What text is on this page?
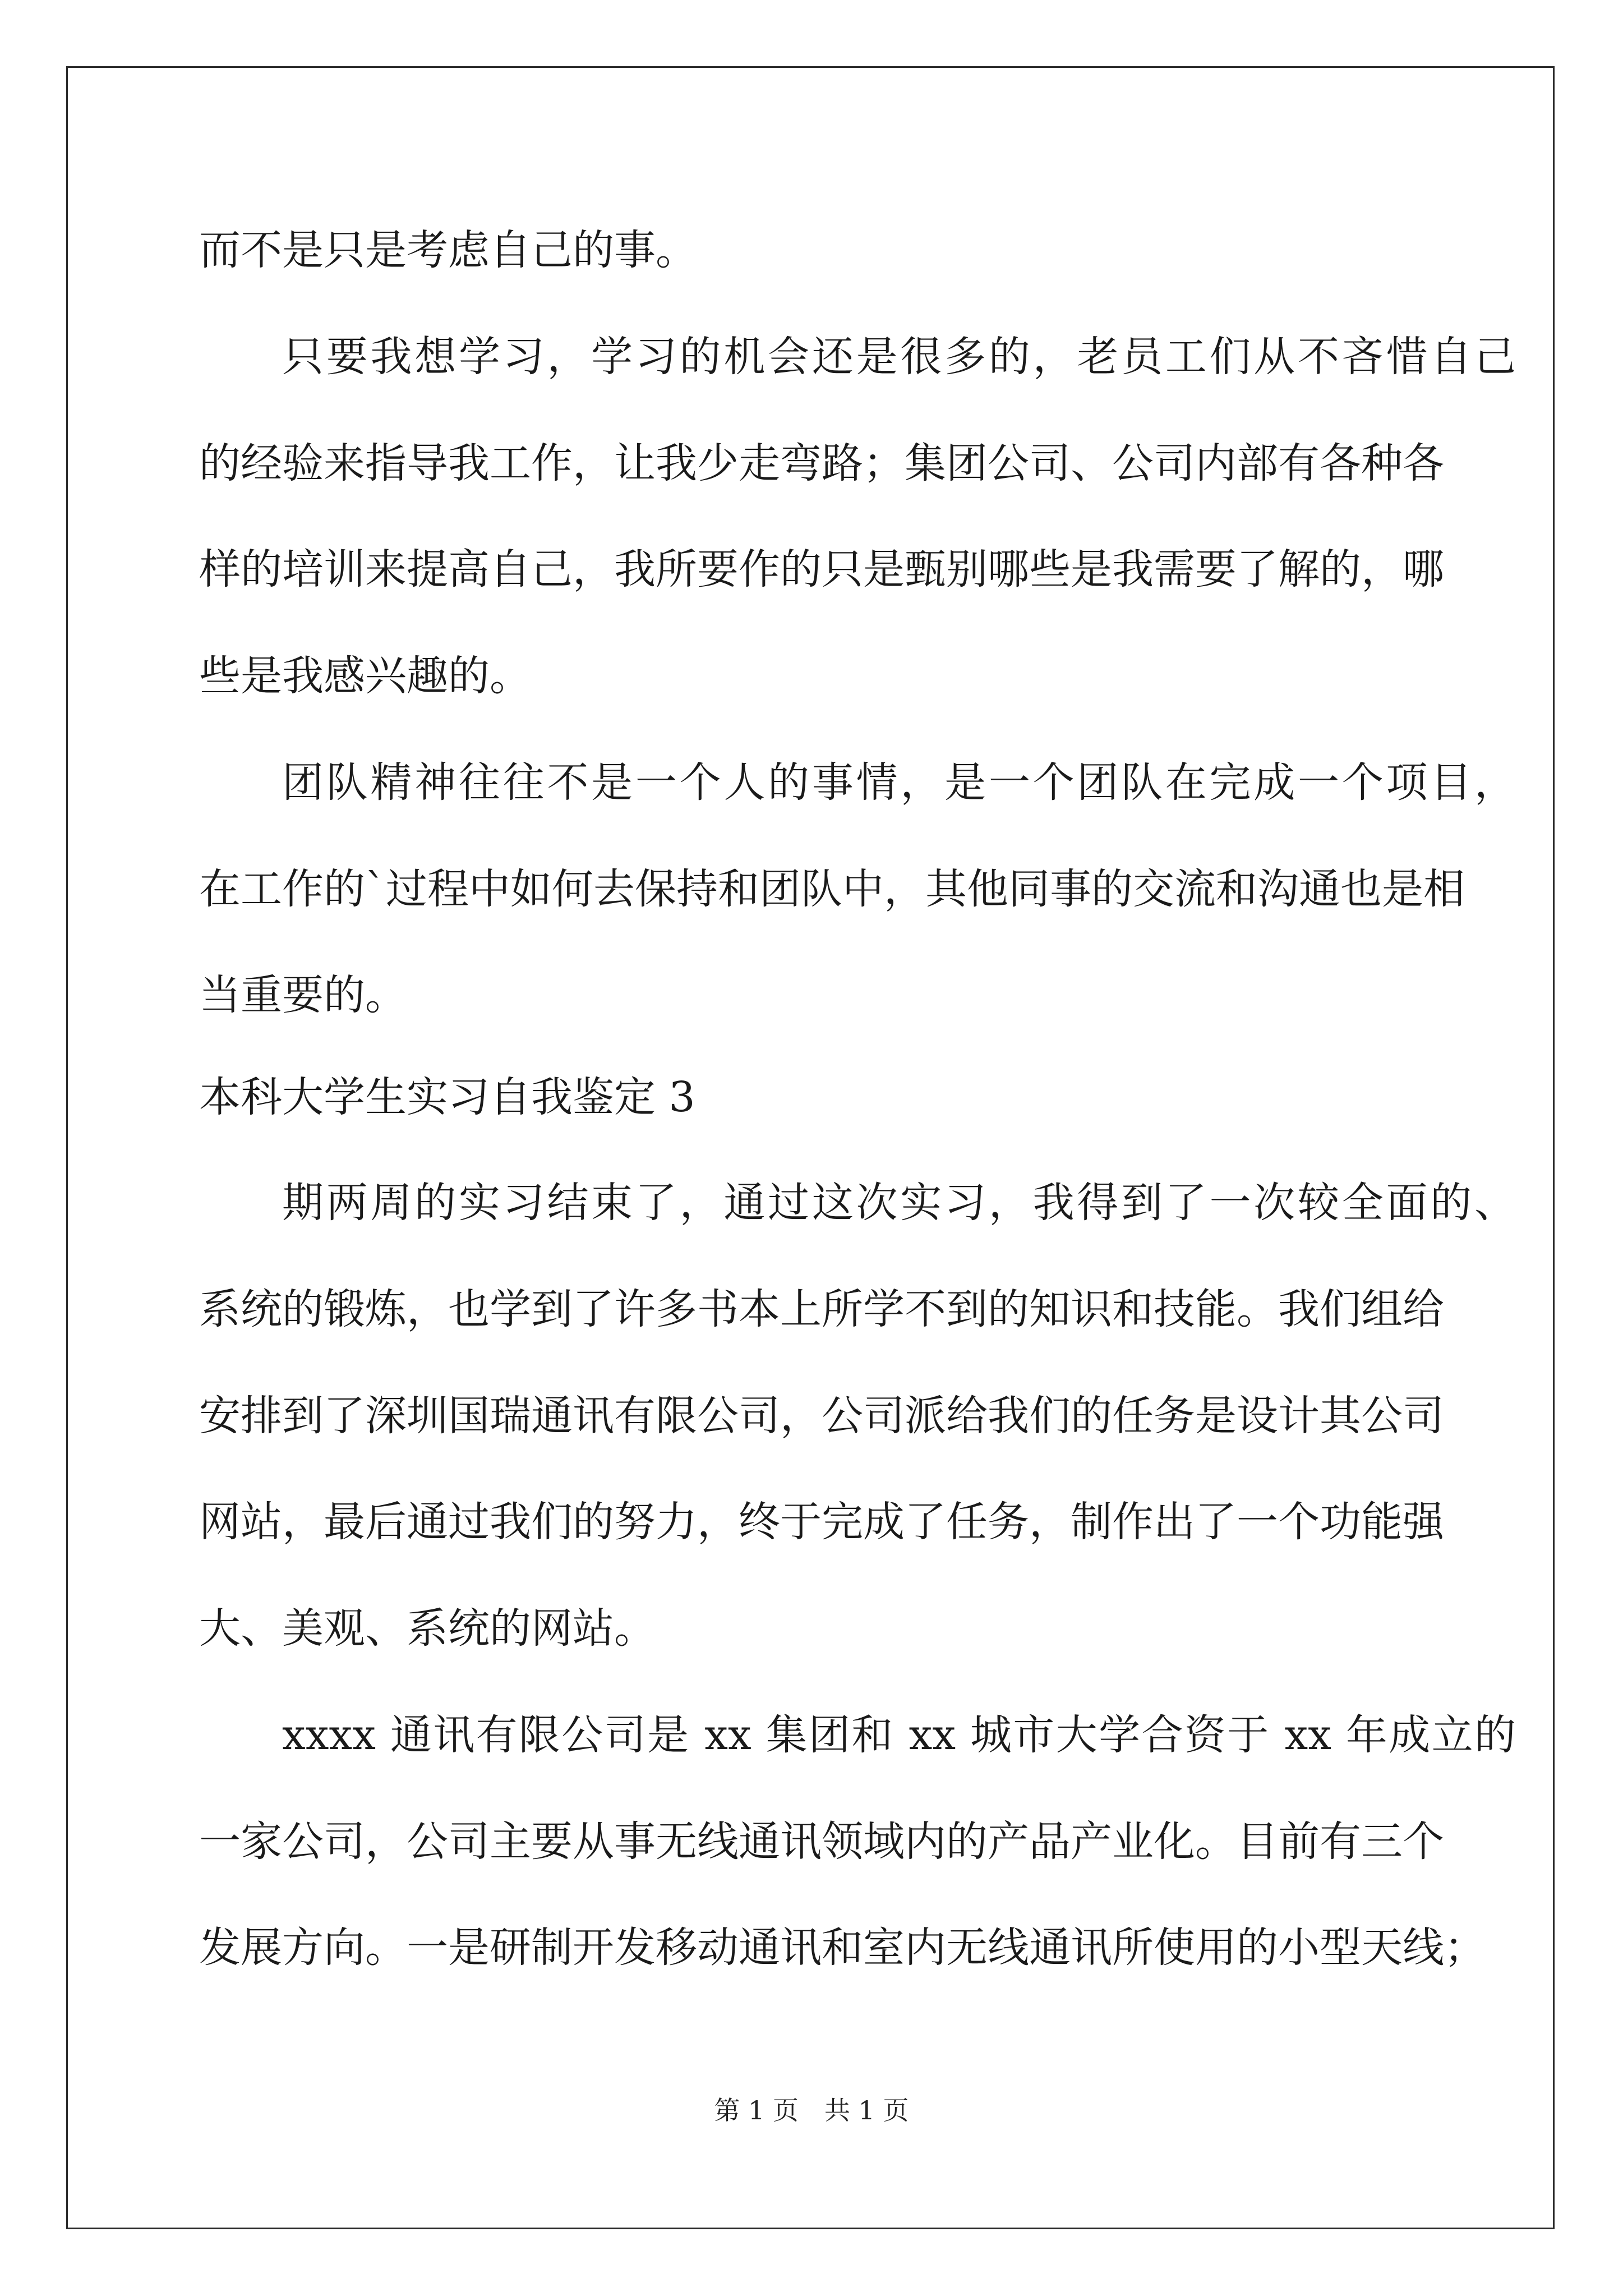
而不是只是考虑自己的事。
只要我想学习，学习的机会还是很多的，老员工们从不吝惜自己
的经验来指导我工作，让我少走弯路；集团公司、公司内部有各种各
样的培训来提高自己，我所要作的只是甄别哪些是我需要了解的，哪
些是我感兴趣的。
团队精神往往不是一个人的事情，是一个团队在完成一个项目，
在工作的`过程中如何去保持和团队中，其他同事的交流和沟通也是相
当重要的。
本科大学生实习自我鉴定 3
期两周的实习结束了，通过这次实习，我得到了一次较全面的、
系统的锻炼，也学到了许多书本上所学不到的知识和技能。我们组给
安排到了深圳国瑞通讯有限公司，公司派给我们的任务是设计其公司
网站，最后通过我们的努力，终于完成了任务，制作出了一个功能强
大、美观、系统的网站。
xxxx 通讯有限公司是 xx 集团和 xx 城市大学合资于 xx 年成立的
一家公司，公司主要从事无线通讯领域内的产品产业化。目前有三个
发展方向。一是研制开发移动通讯和室内无线通讯所使用的小型天线；
第 1 页　共 1 页
